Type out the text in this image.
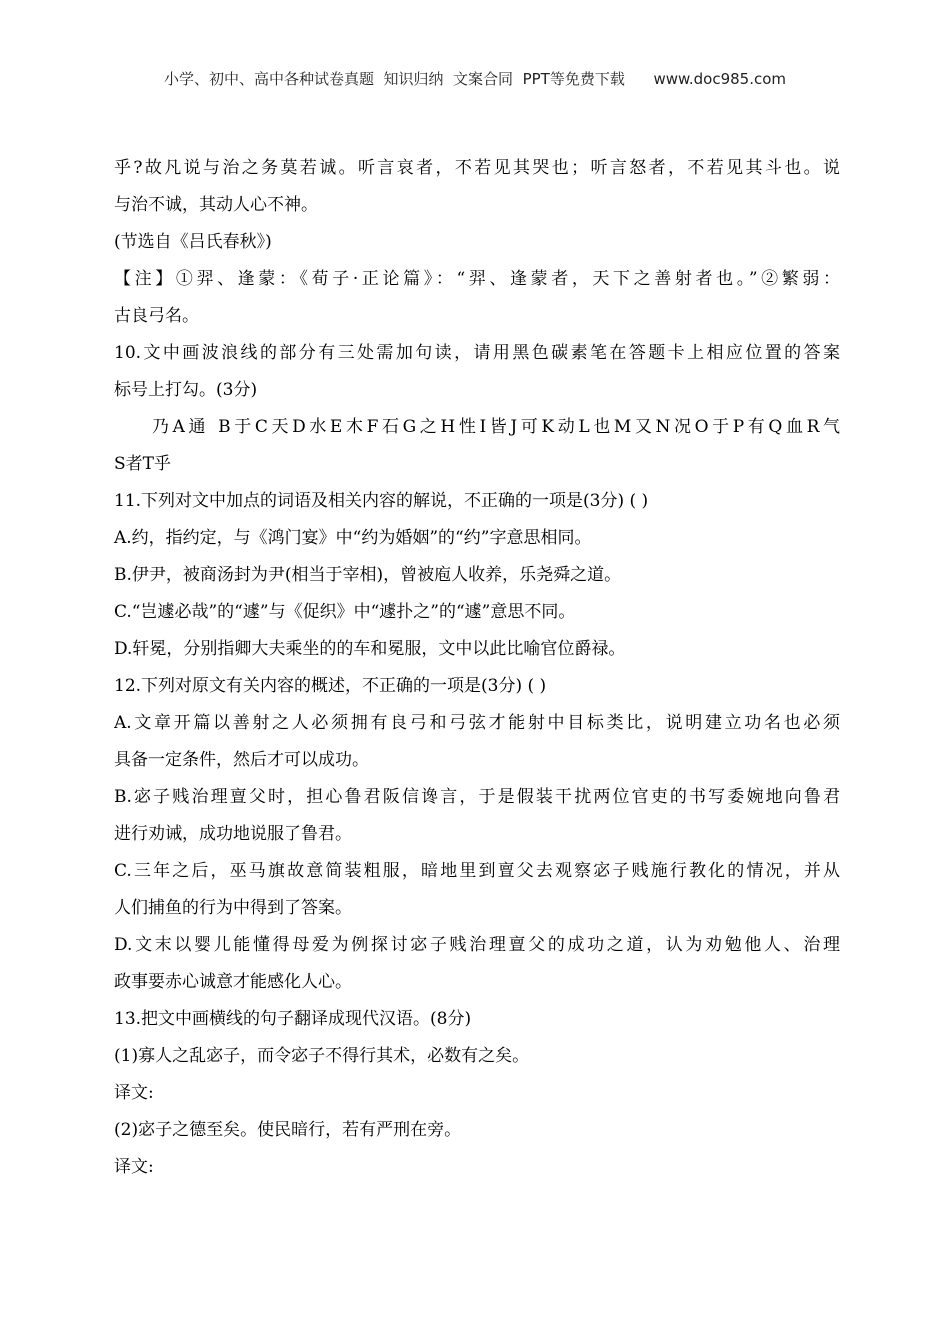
小学、初中、高中各种试卷真题  知识归纳  文案合同  PPT等免费下载      www.doc985.com
乎?故凡说与治之务莫若诚。听言哀者，不若见其哭也；听言怒者，不若见其斗也。说
与治不诚，其动人心不神。
(节选自《吕氏春秋》)
【注】①羿、逢蒙：《荀子·正论篇》：“羿、逢蒙者，天下之善射者也。”②繁弱：
古良弓名。
10.文中画波浪线的部分有三处需加句读，请用黑色碳素笔在答题卡上相应位置的答案
标号上打勾。(3分)
乃A通 B于C天D水E木F石G之H性I皆J可K动L也M又N况O于P有Q血R气
S者T乎
11.下列对文中加点的词语及相关内容的解说，不正确的一项是(3分) ( )
A.约，指约定，与《鸿门宴》中“约为婚姻”的“约”字意思相同。
B.伊尹，被商汤封为尹(相当于宰相)，曾被庖人收养，乐尧舜之道。
C.“岂遽必哉”的“遽”与《促织》中“遽扑之”的“遽”意思不同。
D.轩冕，分别指卿大夫乘坐的的车和冕服，文中以此比喻官位爵禄。
12.下列对原文有关内容的概述，不正确的一项是(3分) ( )
A.文章开篇以善射之人必须拥有良弓和弓弦才能射中目标类比，说明建立功名也必须
具备一定条件，然后才可以成功。
B.宓子贱治理亶父时，担心鲁君阪信谗言，于是假装干扰两位官吏的书写委婉地向鲁君
进行劝诫，成功地说服了鲁君。
C.三年之后，巫马旗故意简装粗服，暗地里到亶父去观察宓子贱施行教化的情况，并从
人们捕鱼的行为中得到了答案。
D.文末以婴儿能懂得母爱为例探讨宓子贱治理亶父的成功之道，认为劝勉他人、治理
政事要赤心诚意才能感化人心。
13.把文中画横线的句子翻译成现代汉语。(8分)
(1)寡人之乱宓子，而令宓子不得行其术，必数有之矣。
译文:
(2)宓子之德至矣。使民暗行，若有严刑在旁。
译文:
